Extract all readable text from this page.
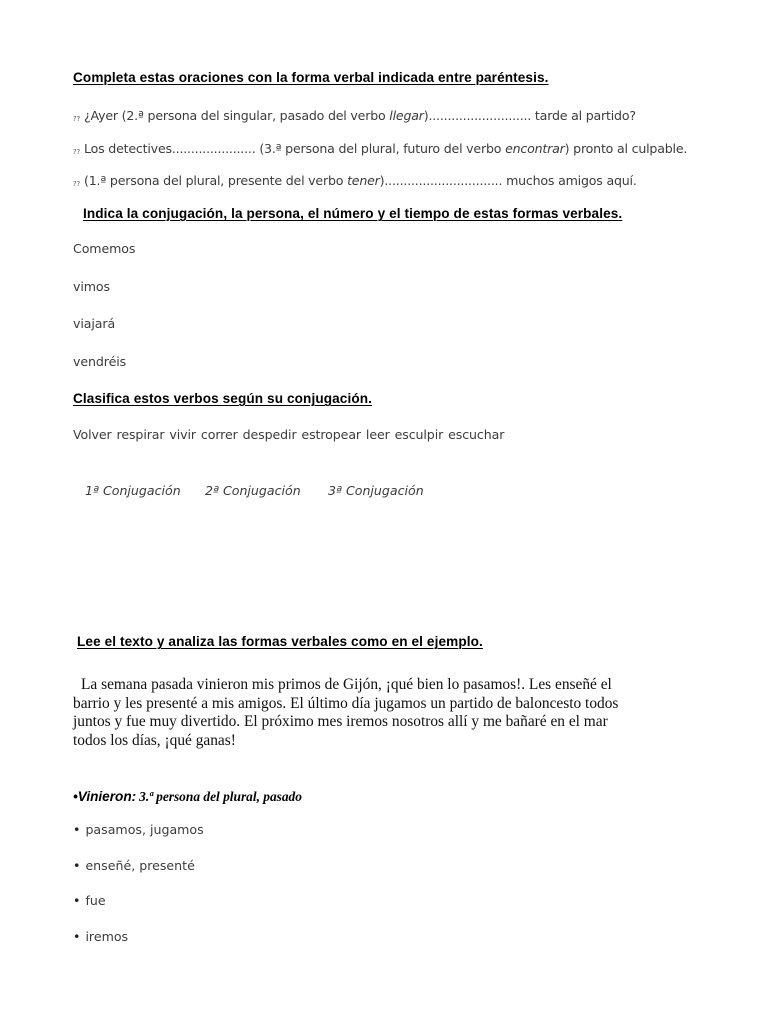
Completa estas oraciones con la forma verbal indicada entre paréntesis.
?? ¿Ayer (2.ª persona del singular, pasado del verbo llegar)........................... tarde al partido?
?? Los detectives...................... (3.ª persona del plural, futuro del verbo encontrar) pronto al culpable.
?? (1.ª persona del plural, presente del verbo tener)............................... muchos amigos aquí.
Indica la conjugación, la persona, el número y el tiempo de estas formas verbales.
Comemos
vimos
viajará
vendréis
Clasifica estos verbos según su conjugación.
Volver respirar vivir correr despedir estropear leer esculpir escuchar
1ª Conjugación 2ª Conjugación 3ª Conjugación
Lee el texto y analiza las formas verbales como en el ejemplo.
La semana pasada vinieron mis primos de Gijón, ¡qué bien lo pasamos!. Les enseñé el
barrio y les presenté a mis amigos. El último día jugamos un partido de baloncesto todos
juntos y fue muy divertido. El próximo mes iremos nosotros allí y me bañaré en el mar
todos los días, ¡qué ganas!
•Vinieron: 3.ª persona del plural, pasado
• pasamos, jugamos
• enseñé, presenté
• fue
• iremos
